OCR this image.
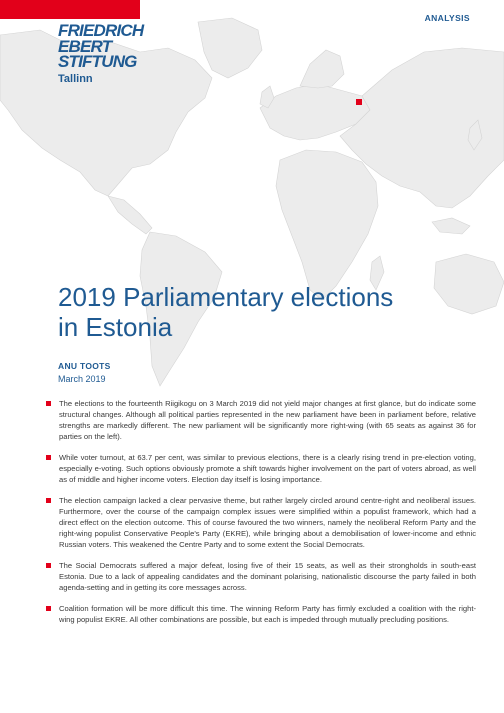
FRIEDRICH
EBERT
STIFTUNG
Tallinn
ANALYSIS
2019 Parliamentary elections
in Estonia
ANU TOOTS
March 2019
The elections to the fourteenth Riigikogu on 3 March 2019 did not yield major changes at first glance, but do indicate some structural changes. Although all political parties represented in the new parliament have been in parliament before, relative strengths are markedly different. The new parliament will be significantly more right-wing (with 65 seats as against 36 for parties on the left).
While voter turnout, at 63.7 per cent, was similar to previous elections, there is a clearly rising trend in pre-election voting, especially e-voting. Such options obviously promote a shift towards higher involvement on the part of voters abroad, as well as of middle and higher income voters. Election day itself is losing importance.
The election campaign lacked a clear pervasive theme, but rather largely circled around centre-right and neoliberal issues. Furthermore, over the course of the campaign complex issues were simplified within a populist framework, which had a direct effect on the election outcome. This of course favoured the two winners, namely the neoliberal Reform Party and the right-wing populist Conservative People's Party (EKRE), while bringing about a demobilisation of lower-income and ethnic Russian voters. This weakened the Centre Party and to some extent the Social Democrats.
The Social Democrats suffered a major defeat, losing five of their 15 seats, as well as their strongholds in south-east Estonia. Due to a lack of appealing candidates and the dominant polarising, nationalistic discourse the party failed in both agenda-setting and in getting its core messages across.
Coalition formation will be more difficult this time. The winning Reform Party has firmly excluded a coalition with the right-wing populist EKRE. All other combinations are possible, but each is impeded through mutually precluding positions.
